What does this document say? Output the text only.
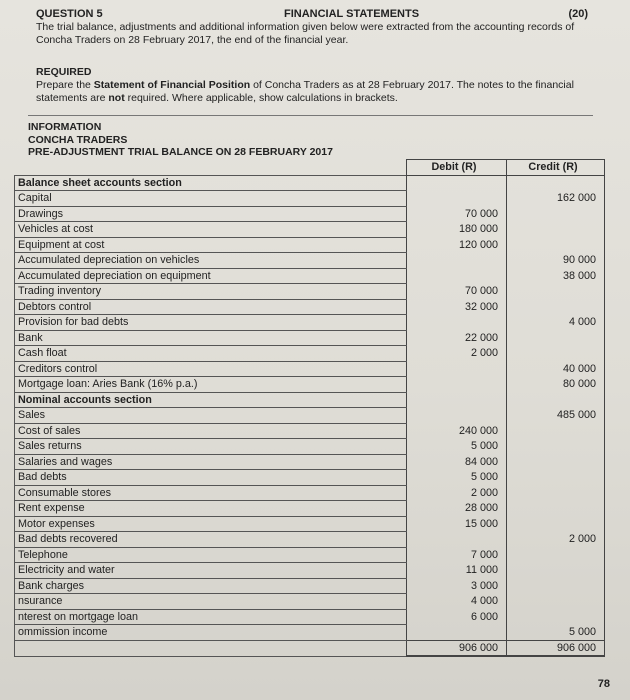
QUESTION 5	FINANCIAL STATEMENTS	(20)
The trial balance, adjustments and additional information given below were extracted from the accounting records of Concha Traders on 28 February 2017, the end of the financial year.
REQUIRED
Prepare the Statement of Financial Position of Concha Traders as at 28 February 2017. The notes to the financial statements are not required. Where applicable, show calculations in brackets.
INFORMATION
CONCHA TRADERS
PRE-ADJUSTMENT TRIAL BALANCE ON 28 FEBRUARY 2017
	Debit (R)	Credit (R)
Balance sheet accounts section		
Capital		162 000
Drawings	70 000	
Vehicles at cost	180 000	
Equipment at cost	120 000	
Accumulated depreciation on vehicles		90 000
Accumulated depreciation on equipment		38 000
Trading inventory	70 000	
Debtors control	32 000	
Provision for bad debts		4 000
Bank	22 000	
Cash float	2 000	
Creditors control		40 000
Mortgage loan: Aries Bank (16% p.a.)		80 000
Nominal accounts section		
Sales		485 000
Cost of sales	240 000	
Sales returns	5 000	
Salaries and wages	84 000	
Bad debts	5 000	
Consumable stores	2 000	
Rent expense	28 000	
Motor expenses	15 000	
Bad debts recovered		2 000
Telephone	7 000	
Electricity and water	11 000	
Bank charges	3 000	
nsurance	4 000	
nterest on mortgage loan	6 000	
ommission income		5 000
	906 000	906 000
78
